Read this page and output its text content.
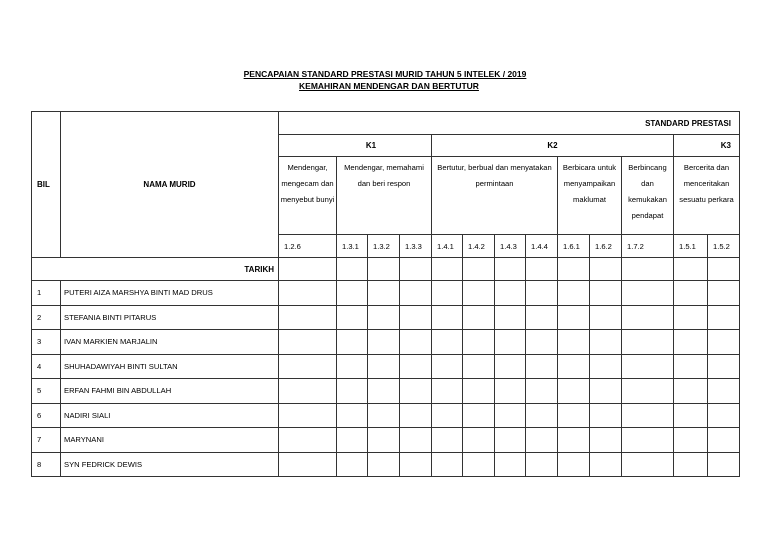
PENCAPAIAN STANDARD PRESTASI MURID TAHUN 5 INTELEK / 2019
KEMAHIRAN MENDENGAR DAN BERTUTUR
BIL	NAMA MURID	STANDARD PRESTASI												
		K1				K2							K3	
		Mendengar, mengecam dan menyebut bunyi	Mendengar, memahami dan beri respon			Bertutur, berbual dan menyatakan permintaan				Berbicara untuk menyampaikan maklumat		Berbincang dan kemukakan pendapat	Bercerita dan menceritakan sesuatu perkara	
		1.2.6	1.3.1	1.3.2	1.3.3	1.4.1	1.4.2	1.4.3	1.4.4	1.6.1	1.6.2	1.7.2	1.5.1	1.5.2
TARIKH														
1	PUTERI AIZA MARSHYA BINTI MAD DRUS													
2	STEFANIA BINTI PITARUS													
3	IVAN MARKIEN MARJALIN													
4	SHUHADAWIYAH BINTI SULTAN													
5	ERFAN FAHMI BIN ABDULLAH													
6	NADIRI SIALI													
7	MARYNANI													
8	SYN FEDRICK DEWIS													
